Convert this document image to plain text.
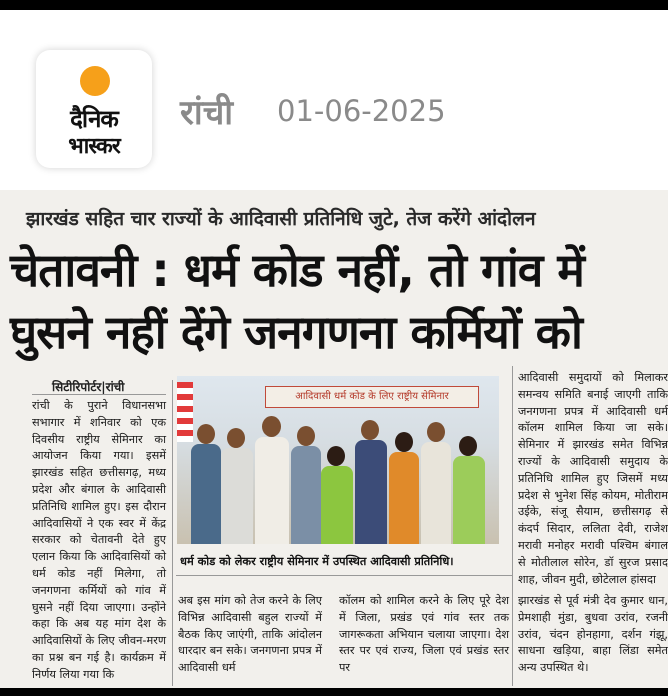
दैनिक
भास्कर
रांची 01-06-2025
झारखंड सहित चार राज्यों के आदिवासी प्रतिनिधि जुटे, तेज करेंगे आंदोलन
चेतावनी : धर्म कोड नहीं, तो गांव में
घुसने नहीं देंगे जनगणना कर्मियों को
सिटीरिपोर्टर|रांची
रांची के पुराने विधानसभा सभागार में शनिवार को एक दिवसीय राष्ट्रीय सेमिनार का आयोजन किया गया। इसमें झारखंड सहित छत्तीसगढ़, मध्य प्रदेश और बंगाल के आदिवासी प्रतिनिधि शामिल हुए। इस दौरान आदिवासियों ने एक स्वर में केंद्र सरकार को चेतावनी देते हुए एलान किया कि आदिवासियों को धर्म कोड नहीं मिलेगा, तो जनगणना कर्मियों को गांव में घुसने नहीं दिया जाएगा। उन्होंने कहा कि अब यह मांग देश के आदिवासियों के लिए जीवन-मरण का प्रश्न बन गई है। कार्यक्रम में निर्णय लिया गया कि
आदिवासी धर्म कोड के लिए राष्ट्रीय सेमिनार
धर्म कोड को लेकर राष्ट्रीय सेमिनार में उपस्थित आदिवासी प्रतिनिधि।
अब इस मांग को तेज करने के लिए विभिन्न आदिवासी बहुल राज्यों में बैठक किए जाएंगी, ताकि आंदोलन धारदार बन सके। जनगणना प्रपत्र में आदिवासी धर्म
कॉलम को शामिल करने के लिए पूरे देश में जिला, प्रखंड एवं गांव स्तर तक जागरूकता अभियान चलाया जाएगा। देश स्तर पर एवं राज्य, जिला एवं प्रखंड स्तर पर
आदिवासी समुदायों को मिलाकर समन्वय समिति बनाई जाएगी ताकि जनगणना प्रपत्र में आदिवासी धर्म कॉलम शामिल किया जा सके। सेमिनार में झारखंड समेत विभिन्न राज्यों के आदिवासी समुदाय के प्रतिनिधि शामिल हुए जिसमें मध्य प्रदेश से भुनेश सिंह कोयम, मोतीराम उईके, संजू सैयाम, छत्तीसगढ़ से कंदर्प सिदार, ललिता देवी, राजेश मरावी मनोहर मरावी पश्चिम बंगाल से मोतीलाल सोरेन, डॉ सुरज प्रसाद शाह, जीवन मुदी, छोटेलाल हांसदा
झारखंड से पूर्व मंत्री देव कुमार धान, प्रेमशाही मुंडा, बुधवा उरांव, रजनी उरांव, चंदन होनहागा, दर्शन गंझू, साधना खड़िया, बाहा लिंडा समेत अन्य उपस्थित थे।
